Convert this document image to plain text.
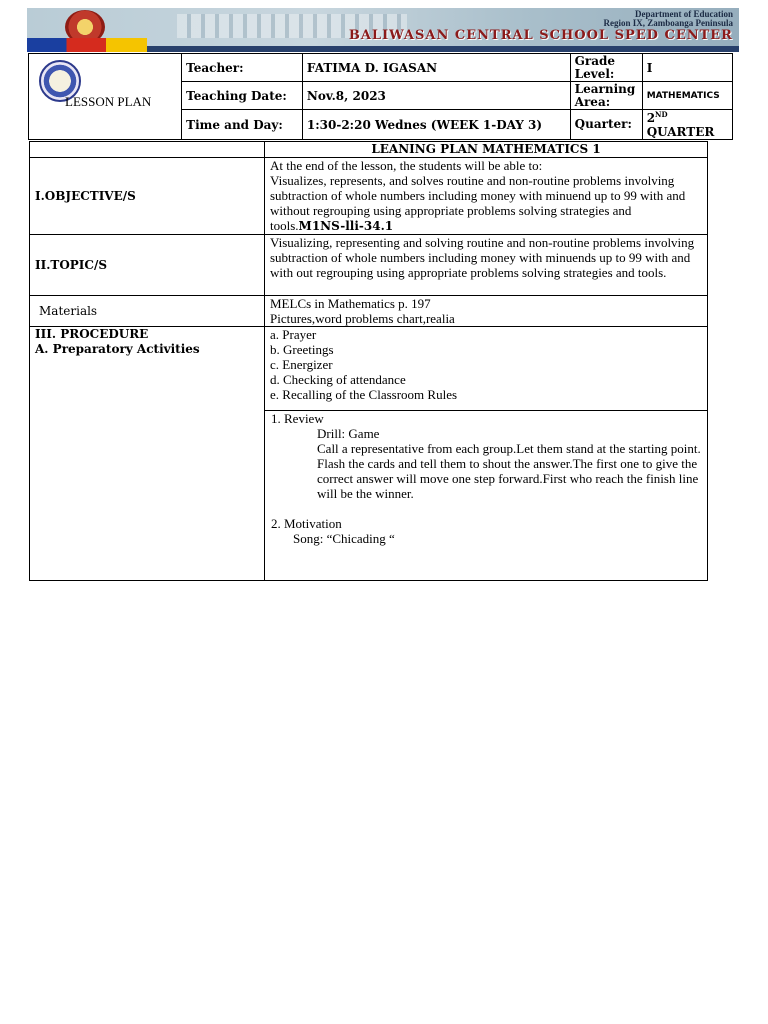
Department of Education
Region IX, Zamboanga Peninsula
BALIWASAN CENTRAL SCHOOL SPED CENTER
LESSON PLAN	Teacher:	FATIMA D. IGASAN	Grade Level:	I
	Teaching Date:	Nov.8, 2023	Learning Area:	MATHEMATICS
	Time and Day:	1:30-2:20 Wednes (WEEK 1-DAY 3)	Quarter:	2ND QUARTER
	LEANING PLAN MATHEMATICS 1
I.OBJECTIVE/S	At the end of the lesson, the students will be able to:
Visualizes, represents, and solves routine and non-routine problems involving subtraction of whole numbers including money with minuend up to 99 with and without regrouping using appropriate problems solving strategies and tools.M1NS-lli-34.1
II.TOPIC/S	Visualizing, representing and solving routine and non-routine problems involving subtraction of whole numbers including money with minuends up to 99 with and with out regrouping using appropriate problems solving strategies and tools.
Materials	MELCs in Mathematics p. 197
Pictures,word problems chart,realia

III. PROCEDURE
A. Preparatory Activities	a. Prayer
b. Greetings
c. Energizer
d. Checking of attendance
e. Recalling of the Classroom Rules

	1. Review
Drill: Game
Call a representative from each group.Let them stand at the starting point. Flash the cards and tell them to shout the answer.The first one to give the correct answer will move one step forward.First who reach the finish line will be the winner.
2. Motivation
Song: “Chicading “
